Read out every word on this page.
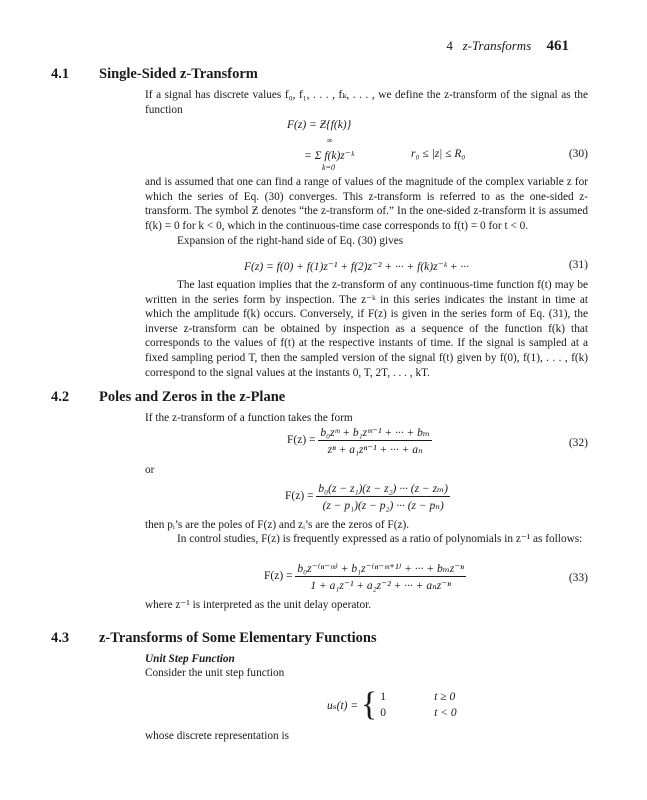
4 z-Transforms 461
4.1 Single-Sided z-Transform
If a signal has discrete values f₀, f₁, . . . , fₖ, . . . , we define the z-transform of the signal as the function
F(z) = Ƶ{f(k)}
∞
= Σ f(k)z⁻ᵏ
k=0
r₀ ≤ |z| ≤ R₀	(30)
and is assumed that one can find a range of values of the magnitude of the complex variable z for which the series of Eq. (30) converges. This z-transform is referred to as the one-sided z-transform. The symbol Ƶ denotes “the z-transform of.” In the one-sided z-transform it is assumed f(k) = 0 for k < 0, which in the continuous-time case corresponds to f(t) = 0 for t < 0.
Expansion of the right-hand side of Eq. (30) gives
F(z) = f(0) + f(1)z⁻¹ + f(2)z⁻² + ··· + f(k)z⁻ᵏ + ···	(31)
The last equation implies that the z-transform of any continuous-time function f(t) may be written in the series form by inspection. The z⁻ᵏ in this series indicates the instant in time at which the amplitude f(k) occurs. Conversely, if F(z) is given in the series form of Eq. (31), the inverse z-transform can be obtained by inspection as a sequence of the function f(k) that corresponds to the values of f(t) at the respective instants of time. If the signal is sampled at a fixed sampling period T, then the sampled version of the signal f(t) given by f(0), f(1), . . . , f(k) correspond to the signal values at the instants 0, T, 2T, . . . , kT.
4.2 Poles and Zeros in the z-Plane
If the z-transform of a function takes the form
$F(z) = \frac{\text{b₀zᵐ + b₁zᵐ⁻¹ + ··· + bₘ}}{\text{zⁿ + a₁zⁿ⁻¹ + ··· + aₙ}}$	(32)
or
$F(z) = \frac{\text{b₀(z − z₁)(z − z₂) ··· (z − zₘ)}}{\text{(z − p₁)(z − p₂) ··· (z − pₙ)}}$
then pᵢ’s are the poles of F(z) and zᵢ’s are the zeros of F(z).
In control studies, F(z) is frequently expressed as a ratio of polynomials in z⁻¹ as follows:
$F(z) = \frac{\text{b₀z⁻⁽ⁿ⁻ᵐ⁾ + b₁z⁻⁽ⁿ⁻ᵐ⁺¹⁾ + ··· + bₘz⁻ⁿ}}{\text{1 + a₁z⁻¹ + a₂z⁻² + ··· + aₙz⁻ⁿ}}$	(33)
where z⁻¹ is interpreted as the unit delay operator.
4.3 z-Transforms of Some Elementary Functions
Unit Step Function
Consider the unit step function
uₛ(t) = { 1	t ≥ 0
0	t < 0
whose discrete representation is
